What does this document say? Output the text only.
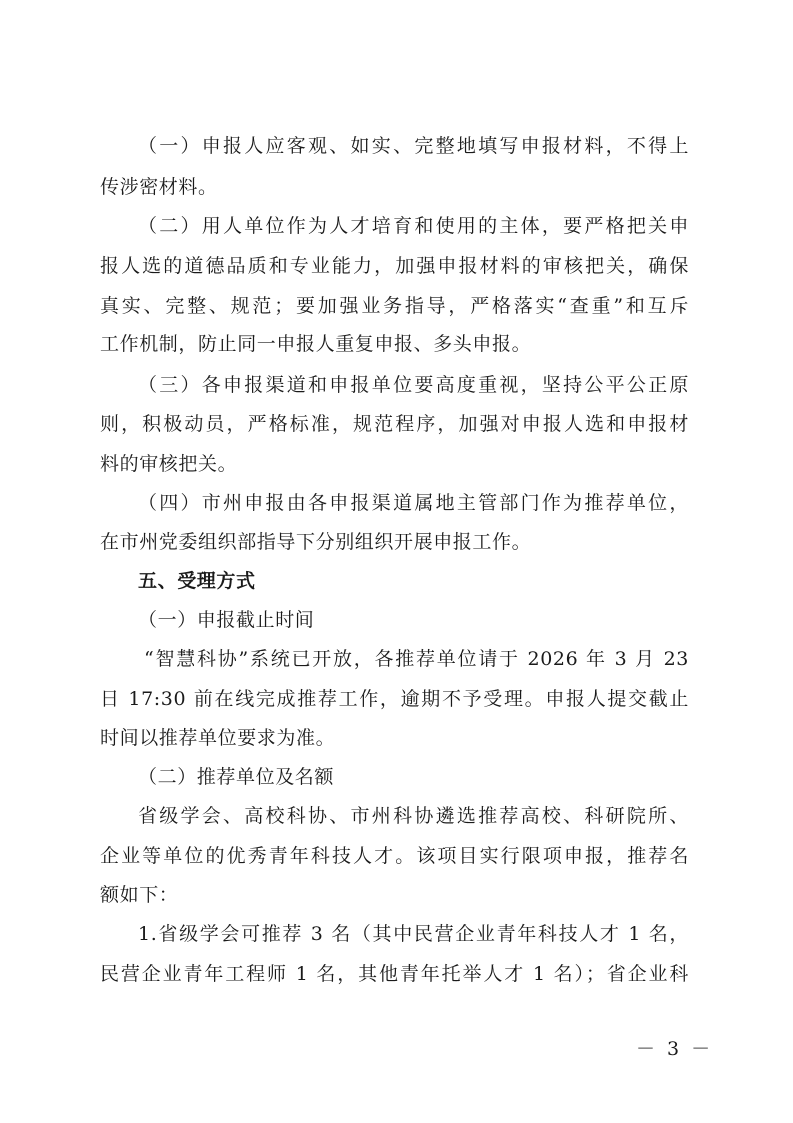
（一）申报人应客观、如实、完整地填写申报材料，不得上
传涉密材料。
（二）用人单位作为人才培育和使用的主体，要严格把关申
报人选的道德品质和专业能力，加强申报材料的审核把关，确保
真实、完整、规范；要加强业务指导，严格落实“查重”和互斥
工作机制，防止同一申报人重复申报、多头申报。
（三）各申报渠道和申报单位要高度重视，坚持公平公正原
则，积极动员，严格标准，规范程序，加强对申报人选和申报材
料的审核把关。
（四）市州申报由各申报渠道属地主管部门作为推荐单位，
在市州党委组织部指导下分别组织开展申报工作。
五、受理方式
（一）申报截止时间
“智慧科协”系统已开放，各推荐单位请于 2026 年 3 月 23
日 17:30 前在线完成推荐工作，逾期不予受理。申报人提交截止
时间以推荐单位要求为准。
（二）推荐单位及名额
省级学会、高校科协、市州科协遴选推荐高校、科研院所、
企业等单位的优秀青年科技人才。该项目实行限项申报，推荐名
额如下：
1.省级学会可推荐 3 名（其中民营企业青年科技人才 1 名，
民营企业青年工程师 1 名，其他青年托举人才 1 名）；省企业科
－ 3 －
